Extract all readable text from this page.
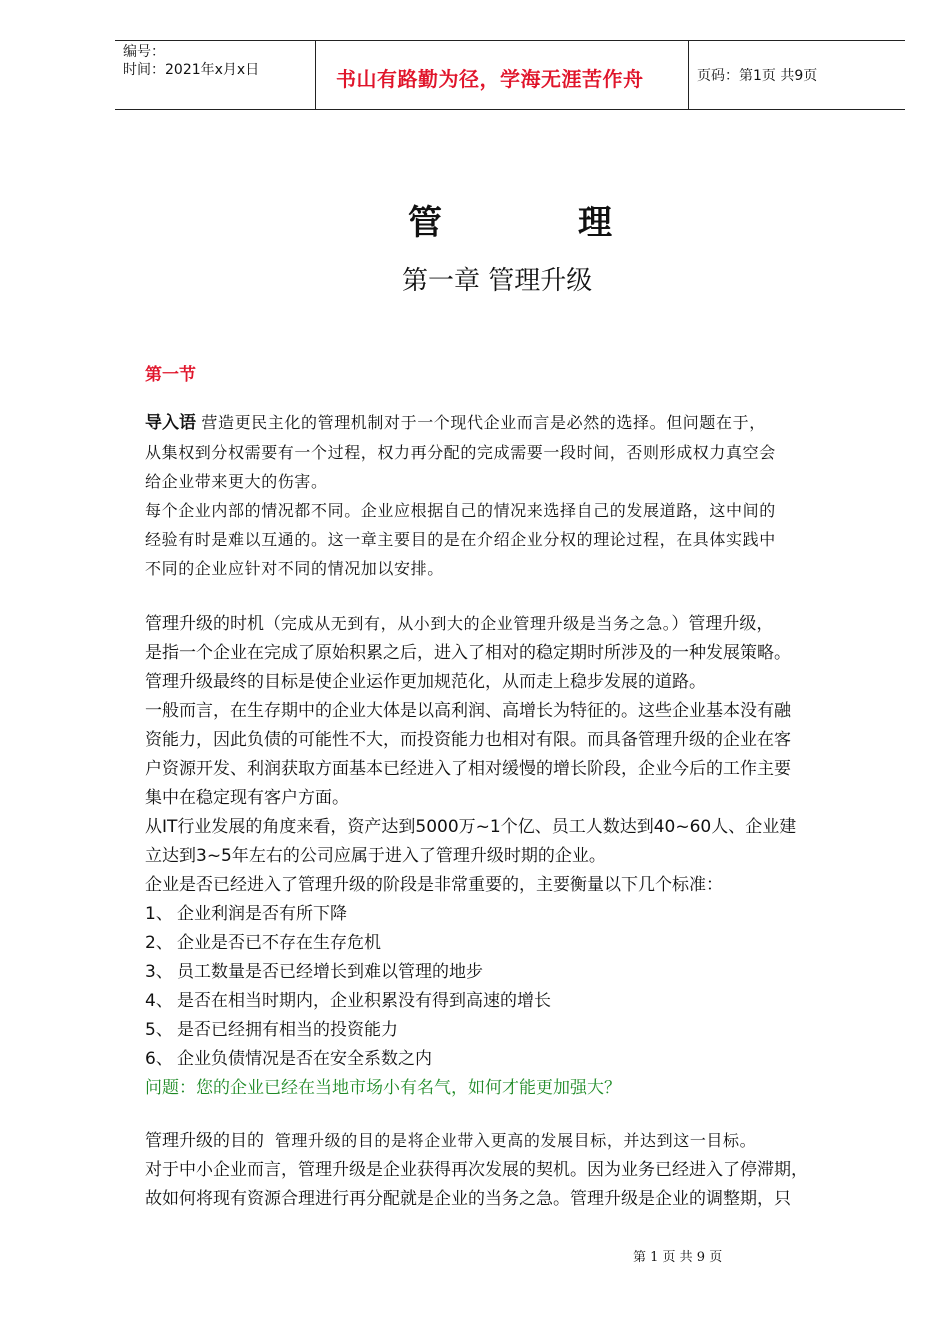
编号：
时间：2021年x月x日	书山有路勤为径，学海无涯苦作舟	页码：第1页 共9页
管	理
第一章 管理升级
第一节

导入语 营造更民主化的管理机制对于一个现代企业而言是必然的选择。但问题在于，

从集权到分权需要有一个过程，权力再分配的完成需要一段时间，否则形成权力真空会

给企业带来更大的伤害。

每个企业内部的情况都不同。企业应根据自己的情况来选择自己的发展道路，这中间的

经验有时是难以互通的。这一章主要目的是在介绍企业分权的理论过程，在具体实践中

不同的企业应针对不同的情况加以安排。

管理升级的时机（完成从无到有，从小到大的企业管理升级是当务之急。）管理升级，

是指一个企业在完成了原始积累之后，进入了相对的稳定期时所涉及的一种发展策略。

管理升级最终的目标是使企业运作更加规范化，从而走上稳步发展的道路。

一般而言，在生存期中的企业大体是以高利润、高增长为特征的。这些企业基本没有融

资能力，因此负债的可能性不大，而投资能力也相对有限。而具备管理升级的企业在客

户资源开发、利润获取方面基本已经进入了相对缓慢的增长阶段，企业今后的工作主要

集中在稳定现有客户方面。

从IT行业发展的角度来看，资产达到5000万~1个亿、员工人数达到40~60人、企业建

立达到3~5年左右的公司应属于进入了管理升级时期的企业。

企业是否已经进入了管理升级的阶段是非常重要的，主要衡量以下几个标准：

1、 企业利润是否有所下降
2、 企业是否已不存在生存危机
3、 员工数量是否已经增长到难以管理的地步
4、 是否在相当时期内，企业积累没有得到高速的增长
5、 是否已经拥有相当的投资能力
6、 企业负债情况是否在安全系数之内

问题：您的企业已经在当地市场小有名气，如何才能更加强大？

管理升级的目的 管理升级的目的是将企业带入更高的发展目标，并达到这一目标。

对于中小企业而言，管理升级是企业获得再次发展的契机。因为业务已经进入了停滞期，

故如何将现有资源合理进行再分配就是企业的当务之急。管理升级是企业的调整期，只

第 1 页 共 9 页
